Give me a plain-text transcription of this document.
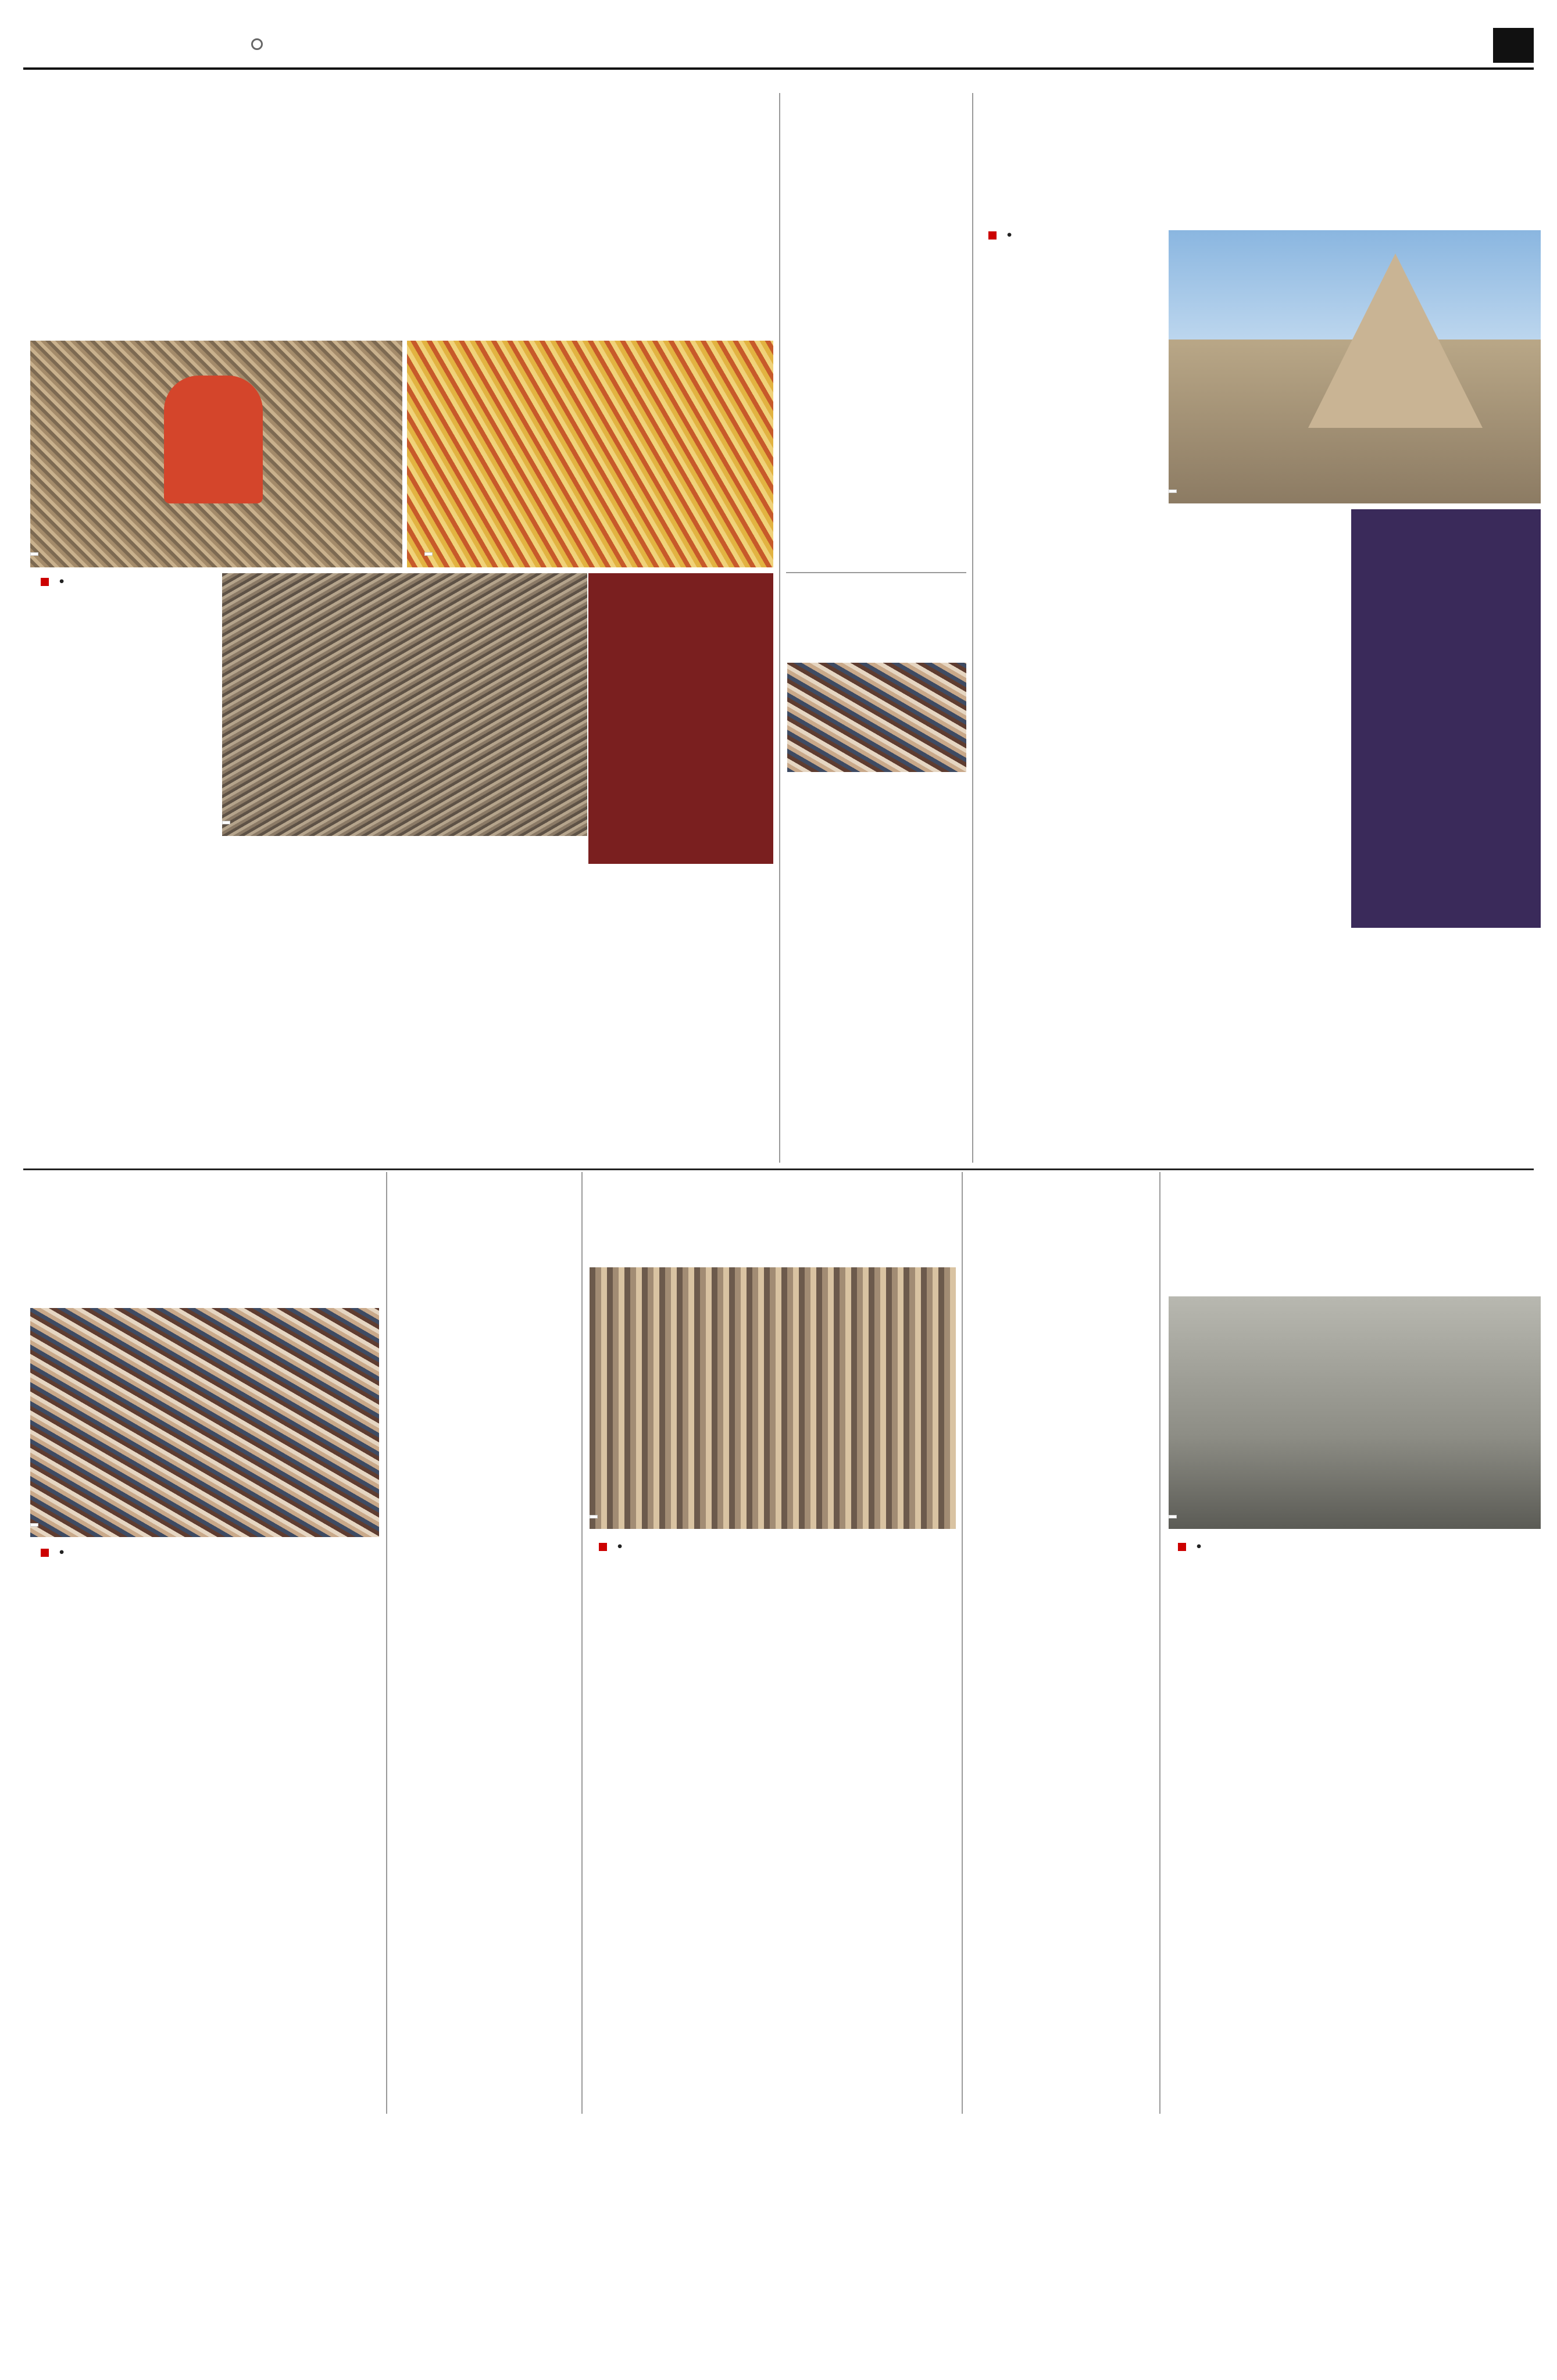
•
•
•	•	•
